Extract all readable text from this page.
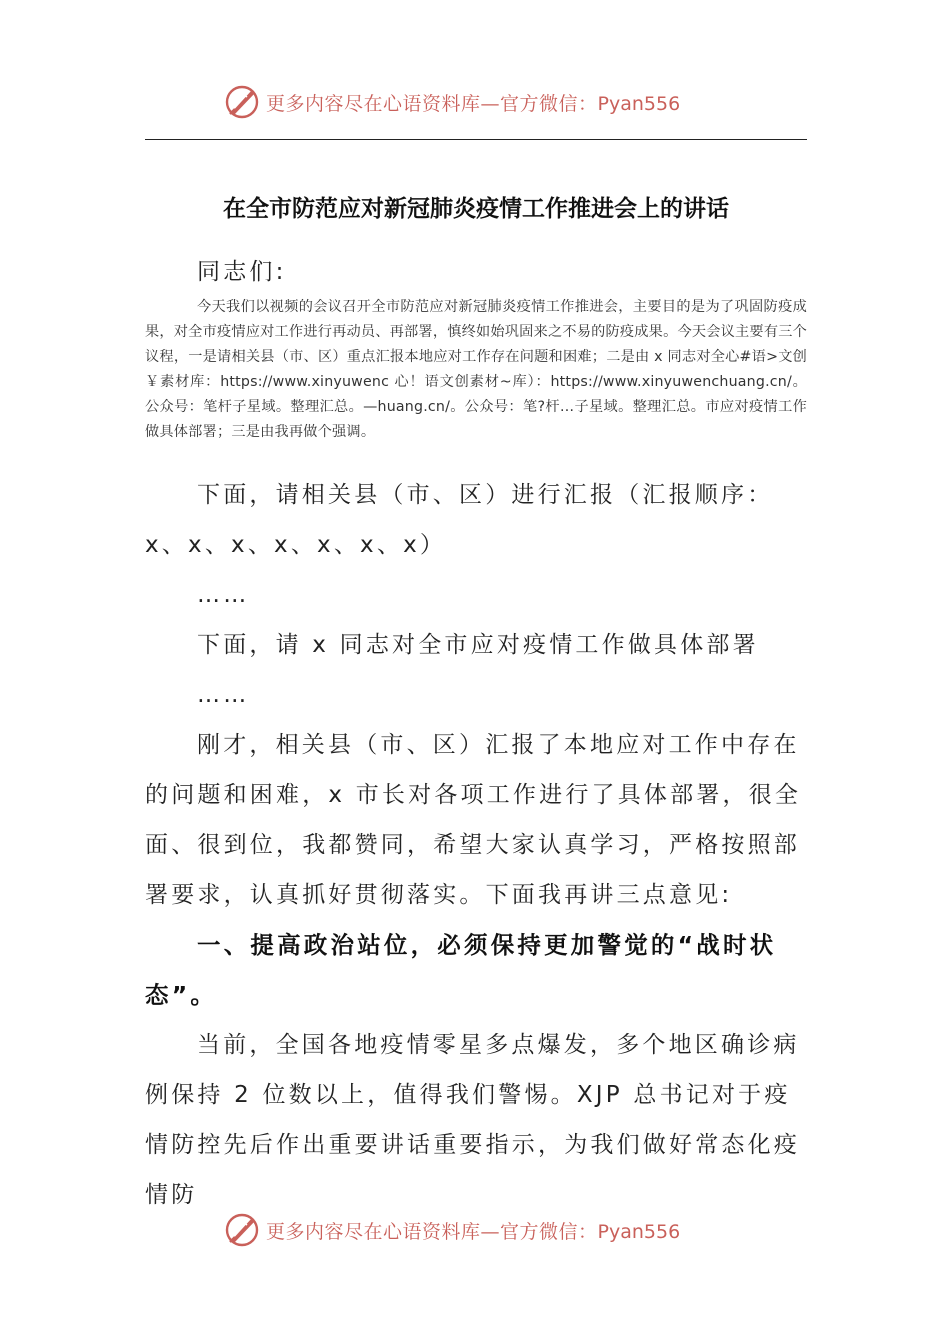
更多内容尽在心语资料库—官方微信：Pyan556
在全市防范应对新冠肺炎疫情工作推进会上的讲话

同志们:

今天我们以视频的会议召开全市防范应对新冠肺炎疫情工作推进会，主要目的是为了巩固防疫成果，对全市疫情应对工作进行再动员、再部署，慎终如始巩固来之不易的防疫成果。今天会议主要有三个议程，一是请相关县（市、区）重点汇报本地应对工作存在问题和困难；二是由 x 同志对全心#语>文创￥素材库：https://www.xinyuwenc 心！语文创素材~库）：https://www.xinyuwenchuang.cn/。公众号：笔杆子星域。整理汇总。—huang.cn/。公众号：笔?杆…子星域。整理汇总。市应对疫情工作做具体部署；三是由我再做个强调。

下面，请相关县（市、区）进行汇报（汇报顺序：x、x、x、x、x、x、x）

……

下面，请 x 同志对全市应对疫情工作做具体部署

……

刚才，相关县（市、区）汇报了本地应对工作中存在的问题和困难，x 市长对各项工作进行了具体部署，很全面、很到位，我都赞同，希望大家认真学习，严格按照部署要求，认真抓好贯彻落实。下面我再讲三点意见:

一、提高政治站位，必须保持更加警觉的“战时状态”。

当前，全国各地疫情零星多点爆发，多个地区确诊病例保持 2 位数以上，值得我们警惕。XJP 总书记对于疫情防控先后作出重要讲话重要指示，为我们做好常态化疫情防

更多内容尽在心语资料库—官方微信：Pyan556
